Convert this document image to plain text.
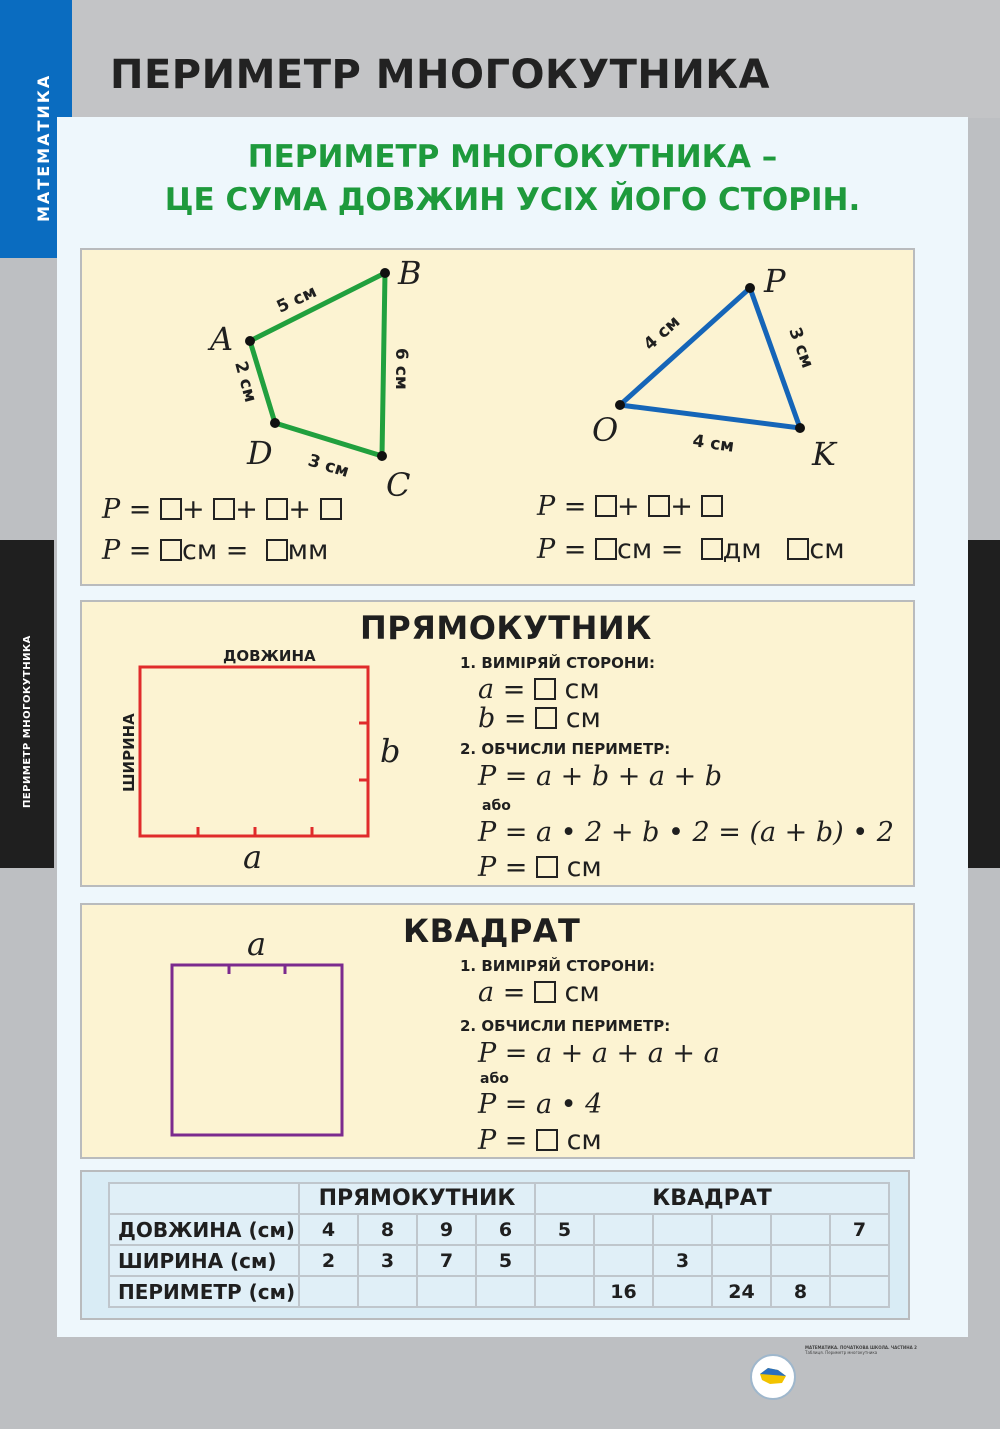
МАТЕМАТИКА
ПЕРИМЕТР МНОГОКУТНИКА
ПЕРИМЕТР МНОГОКУТНИКА
ПЕРИМЕТР МНОГОКУТНИКА –
ЦЕ СУМА ДОВЖИН УСІХ ЙОГО СТОРІН.
A
B
C
D
5 см
6 см
3 см
2 см
P
O
K
4 см	3 см
4 см
P = + + +
P = см =  мм
P = + +
P = см =  дм см
ПРЯМОКУТНИК
ДОВЖИНА
ШИРИНА
a
b
1. ВИМІРЯЙ СТОРОНИ:
a =  см
b =  см
2. ОБЧИСЛИ ПЕРИМЕТР:
P = a + b + a + b
або
P = a • 2 + b • 2 = (a + b) • 2
P =  см
КВАДРАТ
a
1. ВИМІРЯЙ СТОРОНИ:
a =  см
2. ОБЧИСЛИ ПЕРИМЕТР:
P = a + a + a + a
або
P = a • 4
P =  см
	ПРЯМОКУТНИК				КВАДРАТ					
ДОВЖИНА (см)	4	8	9	6	5					7
ШИРИНА (см)	2	3	7	5			3			
ПЕРИМЕТР (см)						16		24	8	
МАТЕМАТИКА. ПОЧАТКОВА ШКОЛА. ЧАСТИНА 2
Таблиця. Периметр многокутника
